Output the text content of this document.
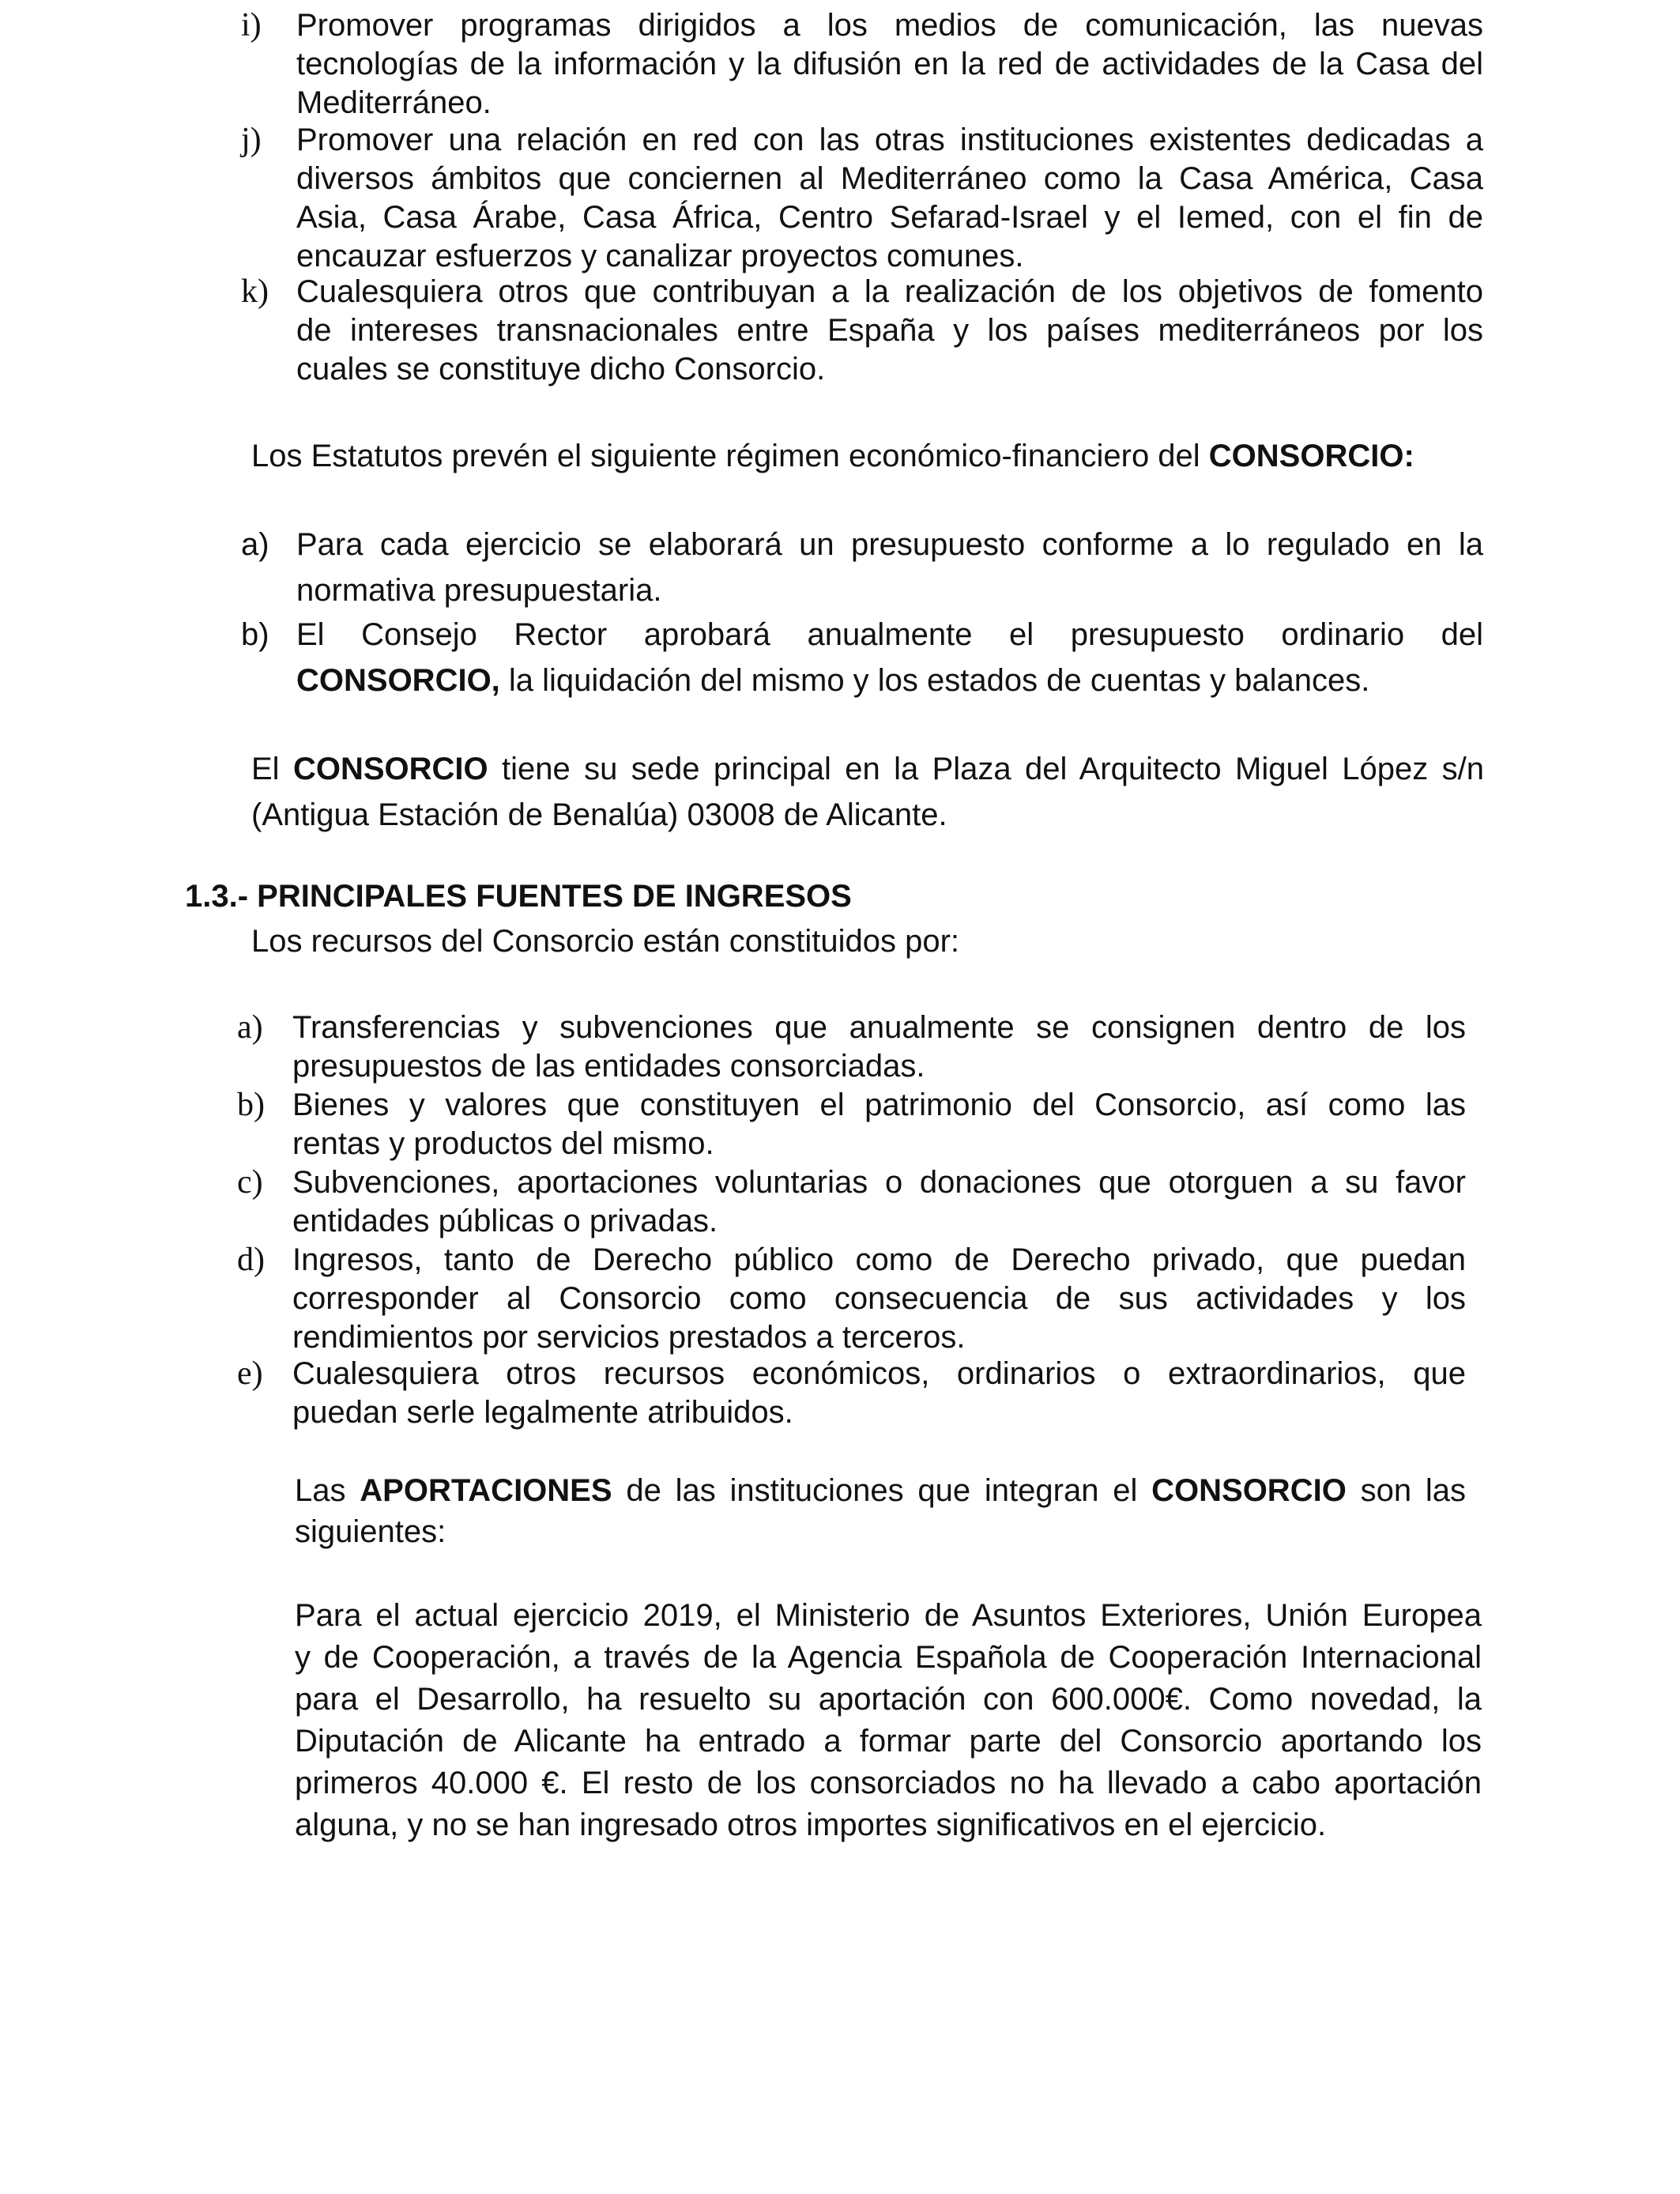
i) Promover programas dirigidos a los medios de comunicación, las nuevas
tecnologías de la información y la difusión en la red de actividades de la Casa del
Mediterráneo.
j) Promover una relación en red con las otras instituciones existentes dedicadas a
diversos ámbitos que conciernen al Mediterráneo como la Casa América, Casa
Asia, Casa Árabe, Casa África, Centro Sefarad-Israel y el Iemed, con el fin de
encauzar esfuerzos y canalizar proyectos comunes.
k) Cualesquiera otros que contribuyan a la realización de los objetivos de fomento
de intereses transnacionales entre España y los países mediterráneos por los
cuales se constituye dicho Consorcio.
Los Estatutos prevén el siguiente régimen económico-financiero del CONSORCIO:
a) Para cada ejercicio se elaborará un presupuesto conforme a lo regulado en la
normativa presupuestaria.
b) El Consejo Rector aprobará anualmente el presupuesto ordinario del
CONSORCIO, la liquidación del mismo y los estados de cuentas y balances.
El CONSORCIO tiene su sede principal en la Plaza del Arquitecto Miguel López s/n
(Antigua Estación de Benalúa) 03008 de Alicante.
1.3.- PRINCIPALES FUENTES DE INGRESOS
Los recursos del Consorcio están constituidos por:
a) Transferencias y subvenciones que anualmente se consignen dentro de los
presupuestos de las entidades consorciadas.
b) Bienes y valores que constituyen el patrimonio del Consorcio, así como las
rentas y productos del mismo.
c) Subvenciones, aportaciones voluntarias o donaciones que otorguen a su favor
entidades públicas o privadas.
d) Ingresos, tanto de Derecho público como de Derecho privado, que puedan
corresponder al Consorcio como consecuencia de sus actividades y los
rendimientos por servicios prestados a terceros.
e) Cualesquiera otros recursos económicos, ordinarios o extraordinarios, que
puedan serle legalmente atribuidos.
Las APORTACIONES de las instituciones que integran el CONSORCIO son las
siguientes:
Para el actual ejercicio 2019, el Ministerio de Asuntos Exteriores, Unión Europea
y de Cooperación, a través de la Agencia Española de Cooperación Internacional
para el Desarrollo, ha resuelto su aportación con 600.000€. Como novedad, la
Diputación de Alicante ha entrado a formar parte del Consorcio aportando los
primeros 40.000 €. El resto de los consorciados no ha llevado a cabo aportación
alguna, y no se han ingresado otros importes significativos en el ejercicio.
